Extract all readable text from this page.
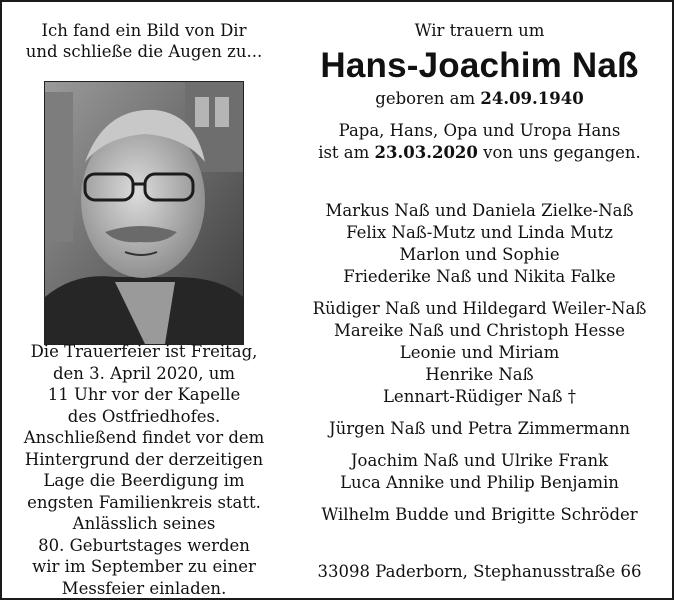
Ich fand ein Bild von Dir
und schließe die Augen zu...
Die Trauerfeier ist Freitag,
den 3. April 2020, um
11 Uhr vor der Kapelle
des Ostfriedhofes.
Anschließend findet vor dem
Hintergrund der derzeitigen
Lage die Beerdigung im
engsten Familienkreis statt.
Anlässlich seines
80. Geburtstages werden
wir im September zu einer
Messfeier einladen.
Wir trauern um
Hans-Joachim Naß
geboren am 24.09.1940
Papa, Hans, Opa und Uropa Hans
ist am 23.03.2020 von uns gegangen.
Markus Naß und Daniela Zielke-Naß
Felix Naß-Mutz und Linda Mutz
Marlon und Sophie
Friederike Naß und Nikita Falke
Rüdiger Naß und Hildegard Weiler-Naß
Mareike Naß und Christoph Hesse
Leonie und Miriam
Henrike Naß
Lennart-Rüdiger Naß †
Jürgen Naß und Petra Zimmermann
Joachim Naß und Ulrike Frank
Luca Annike und Philip Benjamin
Wilhelm Budde und Brigitte Schröder
33098 Paderborn, Stephanusstraße 66
